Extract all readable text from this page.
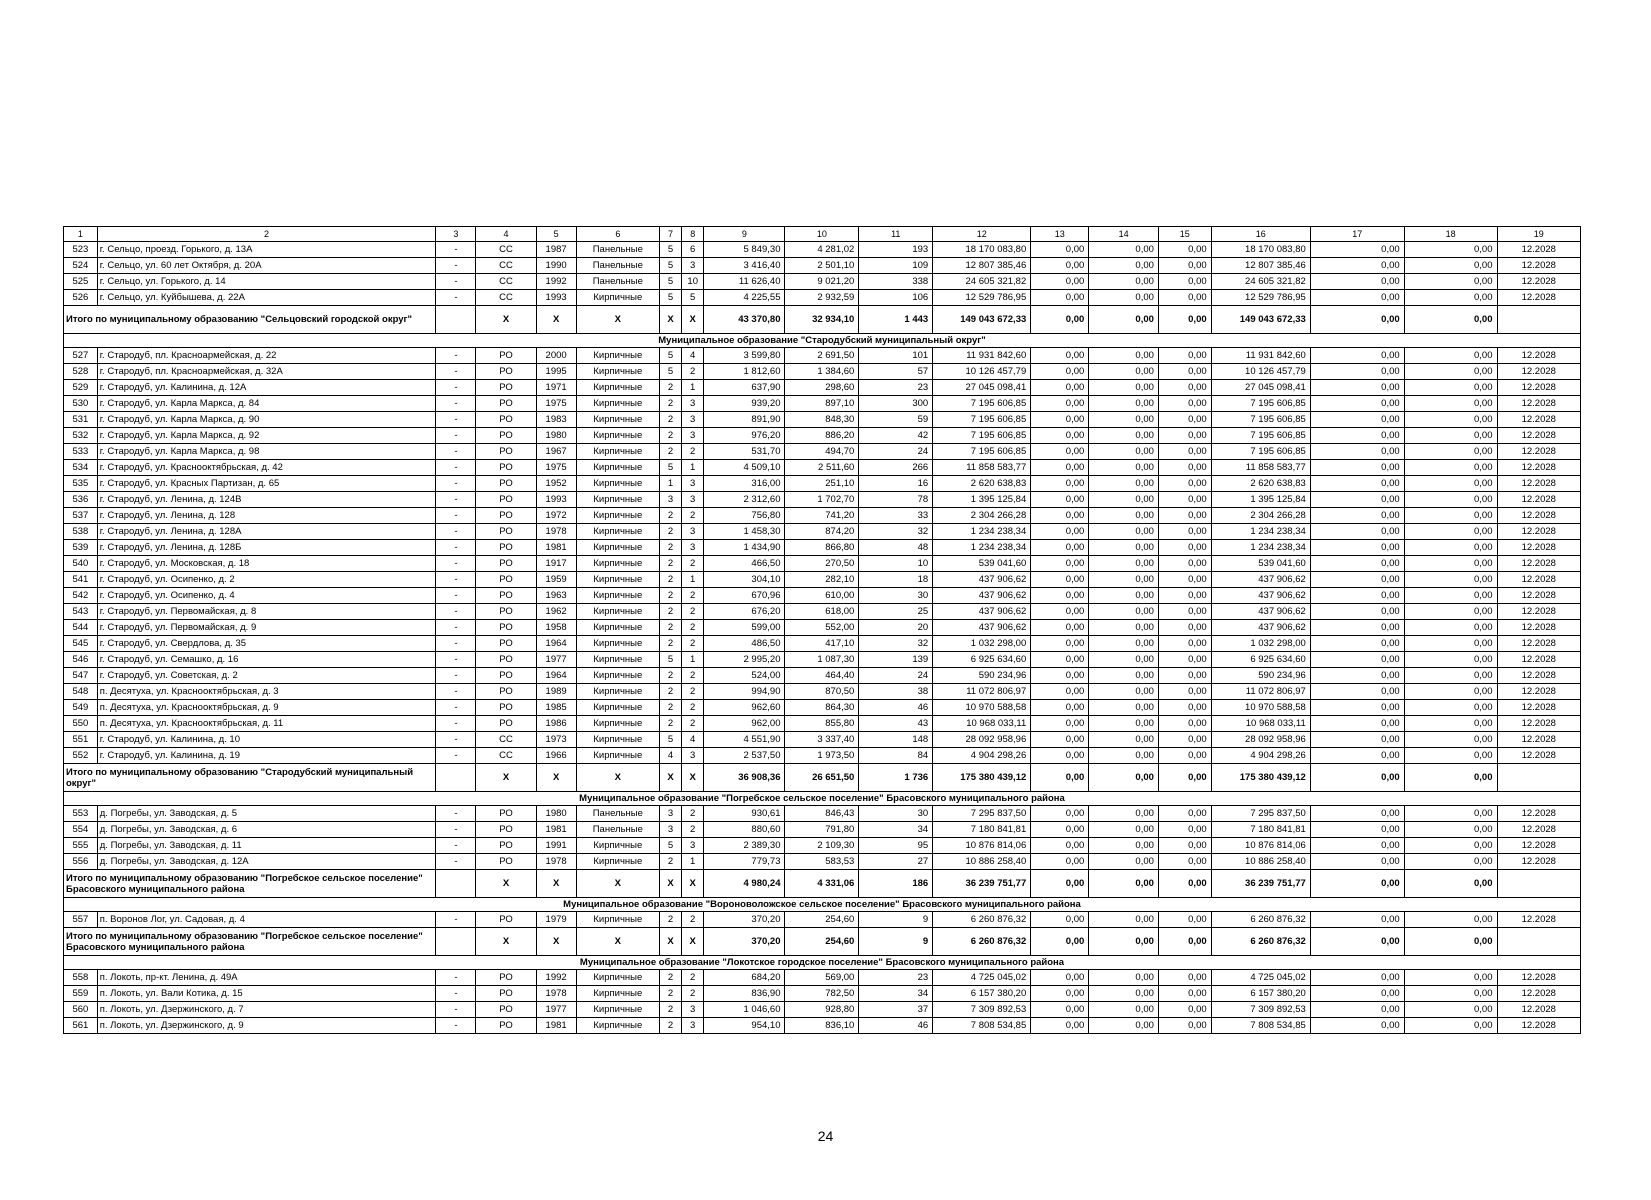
1	2	3	4	5	6	7	8	9	10	11	12	13	14	15	16	17	18	19
523	г. Сельцо, проезд. Горького, д. 13А	-	СС	1987	Панельные	5	6	5 849,30	4 281,02	193	18 170 083,80	0,00	0,00	0,00	18 170 083,80	0,00	0,00	12.2028
524	г. Сельцо, ул. 60 лет Октября, д. 20А	-	СС	1990	Панельные	5	3	3 416,40	2 501,10	109	12 807 385,46	0,00	0,00	0,00	12 807 385,46	0,00	0,00	12.2028
525	г. Сельцо, ул. Горького, д. 14	-	СС	1992	Панельные	5	10	11 626,40	9 021,20	338	24 605 321,82	0,00	0,00	0,00	24 605 321,82	0,00	0,00	12.2028
526	г. Сельцо, ул. Куйбышева, д. 22А	-	СС	1993	Кирпичные	5	5	4 225,55	2 932,59	106	12 529 786,95	0,00	0,00	0,00	12 529 786,95	0,00	0,00	12.2028
Итого по муниципальному образованию "Сельцовский городской округ"			X	X	X	X	X	43 370,80	32 934,10	1 443	149 043 672,33	0,00	0,00	0,00	149 043 672,33	0,00	0,00	
Муниципальное образование "Стародубский муниципальный округ"																		
527	г. Стародуб, пл. Красноармейская, д. 22	-	РО	2000	Кирпичные	5	4	3 599,80	2 691,50	101	11 931 842,60	0,00	0,00	0,00	11 931 842,60	0,00	0,00	12.2028
528	г. Стародуб, пл. Красноармейская, д. 32А	-	РО	1995	Кирпичные	5	2	1 812,60	1 384,60	57	10 126 457,79	0,00	0,00	0,00	10 126 457,79	0,00	0,00	12.2028
529	г. Стародуб, ул. Калинина, д. 12А	-	РО	1971	Кирпичные	2	1	637,90	298,60	23	27 045 098,41	0,00	0,00	0,00	27 045 098,41	0,00	0,00	12.2028
530	г. Стародуб, ул. Карла Маркса, д. 84	-	РО	1975	Кирпичные	2	3	939,20	897,10	300	7 195 606,85	0,00	0,00	0,00	7 195 606,85	0,00	0,00	12.2028
531	г. Стародуб, ул. Карла Маркса, д. 90	-	РО	1983	Кирпичные	2	3	891,90	848,30	59	7 195 606,85	0,00	0,00	0,00	7 195 606,85	0,00	0,00	12.2028
532	г. Стародуб, ул. Карла Маркса, д. 92	-	РО	1980	Кирпичные	2	3	976,20	886,20	42	7 195 606,85	0,00	0,00	0,00	7 195 606,85	0,00	0,00	12.2028
533	г. Стародуб, ул. Карла Маркса, д. 98	-	РО	1967	Кирпичные	2	2	531,70	494,70	24	7 195 606,85	0,00	0,00	0,00	7 195 606,85	0,00	0,00	12.2028
534	г. Стародуб, ул. Краснооктябрьская, д. 42	-	РО	1975	Кирпичные	5	1	4 509,10	2 511,60	266	11 858 583,77	0,00	0,00	0,00	11 858 583,77	0,00	0,00	12.2028
535	г. Стародуб, ул. Красных Партизан, д. 65	-	РО	1952	Кирпичные	1	3	316,00	251,10	16	2 620 638,83	0,00	0,00	0,00	2 620 638,83	0,00	0,00	12.2028
536	г. Стародуб, ул. Ленина, д. 124В	-	РО	1993	Кирпичные	3	3	2 312,60	1 702,70	78	1 395 125,84	0,00	0,00	0,00	1 395 125,84	0,00	0,00	12.2028
537	г. Стародуб, ул. Ленина, д. 128	-	РО	1972	Кирпичные	2	2	756,80	741,20	33	2 304 266,28	0,00	0,00	0,00	2 304 266,28	0,00	0,00	12.2028
538	г. Стародуб, ул. Ленина, д. 128А	-	РО	1978	Кирпичные	2	3	1 458,30	874,20	32	1 234 238,34	0,00	0,00	0,00	1 234 238,34	0,00	0,00	12.2028
539	г. Стародуб, ул. Ленина, д. 128Б	-	РО	1981	Кирпичные	2	3	1 434,90	866,80	48	1 234 238,34	0,00	0,00	0,00	1 234 238,34	0,00	0,00	12.2028
540	г. Стародуб, ул. Московская, д. 18	-	РО	1917	Кирпичные	2	2	466,50	270,50	10	539 041,60	0,00	0,00	0,00	539 041,60	0,00	0,00	12.2028
541	г. Стародуб, ул. Осипенко, д. 2	-	РО	1959	Кирпичные	2	1	304,10	282,10	18	437 906,62	0,00	0,00	0,00	437 906,62	0,00	0,00	12.2028
542	г. Стародуб, ул. Осипенко, д. 4	-	РО	1963	Кирпичные	2	2	670,96	610,00	30	437 906,62	0,00	0,00	0,00	437 906,62	0,00	0,00	12.2028
543	г. Стародуб, ул. Первомайская, д. 8	-	РО	1962	Кирпичные	2	2	676,20	618,00	25	437 906,62	0,00	0,00	0,00	437 906,62	0,00	0,00	12.2028
544	г. Стародуб, ул. Первомайская, д. 9	-	РО	1958	Кирпичные	2	2	599,00	552,00	20	437 906,62	0,00	0,00	0,00	437 906,62	0,00	0,00	12.2028
545	г. Стародуб, ул. Свердлова, д. 35	-	РО	1964	Кирпичные	2	2	486,50	417,10	32	1 032 298,00	0,00	0,00	0,00	1 032 298,00	0,00	0,00	12.2028
546	г. Стародуб, ул. Семашко, д. 16	-	РО	1977	Кирпичные	5	1	2 995,20	1 087,30	139	6 925 634,60	0,00	0,00	0,00	6 925 634,60	0,00	0,00	12.2028
547	г. Стародуб, ул. Советская, д. 2	-	РО	1964	Кирпичные	2	2	524,00	464,40	24	590 234,96	0,00	0,00	0,00	590 234,96	0,00	0,00	12.2028
548	п. Десятуха, ул. Краснооктябрьская, д. 3	-	РО	1989	Кирпичные	2	2	994,90	870,50	38	11 072 806,97	0,00	0,00	0,00	11 072 806,97	0,00	0,00	12.2028
549	п. Десятуха, ул. Краснооктябрьская, д. 9	-	РО	1985	Кирпичные	2	2	962,60	864,30	46	10 970 588,58	0,00	0,00	0,00	10 970 588,58	0,00	0,00	12.2028
550	п. Десятуха, ул. Краснооктябрьская, д. 11	-	РО	1986	Кирпичные	2	2	962,00	855,80	43	10 968 033,11	0,00	0,00	0,00	10 968 033,11	0,00	0,00	12.2028
551	г. Стародуб, ул. Калинина, д. 10	-	СС	1973	Кирпичные	5	4	4 551,90	3 337,40	148	28 092 958,96	0,00	0,00	0,00	28 092 958,96	0,00	0,00	12.2028
552	г. Стародуб, ул. Калинина, д. 19	-	СС	1966	Кирпичные	4	3	2 537,50	1 973,50	84	4 904 298,26	0,00	0,00	0,00	4 904 298,26	0,00	0,00	12.2028
Итого по муниципальному образованию "Стародубский муниципальный округ"			X	X	X	X	X	36 908,36	26 651,50	1 736	175 380 439,12	0,00	0,00	0,00	175 380 439,12	0,00	0,00	
Муниципальное образование "Погребское сельское поселение" Брасовского муниципального района																		
553	д. Погребы, ул. Заводская, д. 5	-	РО	1980	Панельные	3	2	930,61	846,43	30	7 295 837,50	0,00	0,00	0,00	7 295 837,50	0,00	0,00	12.2028
554	д. Погребы, ул. Заводская, д. 6	-	РО	1981	Панельные	3	2	880,60	791,80	34	7 180 841,81	0,00	0,00	0,00	7 180 841,81	0,00	0,00	12.2028
555	д. Погребы, ул. Заводская, д. 11	-	РО	1991	Кирпичные	5	3	2 389,30	2 109,30	95	10 876 814,06	0,00	0,00	0,00	10 876 814,06	0,00	0,00	12.2028
556	д. Погребы, ул. Заводская, д. 12А	-	РО	1978	Кирпичные	2	1	779,73	583,53	27	10 886 258,40	0,00	0,00	0,00	10 886 258,40	0,00	0,00	12.2028
Итого по муниципальному образованию "Погребское сельское поселение" Брасовского муниципального района			X	X	X	X	X	4 980,24	4 331,06	186	36 239 751,77	0,00	0,00	0,00	36 239 751,77	0,00	0,00	
Муниципальное образование "Вороноволожское сельское поселение" Брасовского муниципального района																		
557	п. Воронов Лог, ул. Садовая, д. 4	-	РО	1979	Кирпичные	2	2	370,20	254,60	9	6 260 876,32	0,00	0,00	0,00	6 260 876,32	0,00	0,00	12.2028
Итого по муниципальному образованию "Погребское сельское поселение" Брасовского муниципального района			X	X	X	X	X	370,20	254,60	9	6 260 876,32	0,00	0,00	0,00	6 260 876,32	0,00	0,00	
Муниципальное образование "Локотское городское поселение" Брасовского муниципального района																		
558	п. Локоть, пр-кт. Ленина, д. 49А	-	РО	1992	Кирпичные	2	2	684,20	569,00	23	4 725 045,02	0,00	0,00	0,00	4 725 045,02	0,00	0,00	12.2028
559	п. Локоть, ул. Вали Котика, д. 15	-	РО	1978	Кирпичные	2	2	836,90	782,50	34	6 157 380,20	0,00	0,00	0,00	6 157 380,20	0,00	0,00	12.2028
560	п. Локоть, ул. Дзержинского, д. 7	-	РО	1977	Кирпичные	2	3	1 046,60	928,80	37	7 309 892,53	0,00	0,00	0,00	7 309 892,53	0,00	0,00	12.2028
561	п. Локоть, ул. Дзержинского, д. 9	-	РО	1981	Кирпичные	2	3	954,10	836,10	46	7 808 534,85	0,00	0,00	0,00	7 808 534,85	0,00	0,00	12.2028
24
